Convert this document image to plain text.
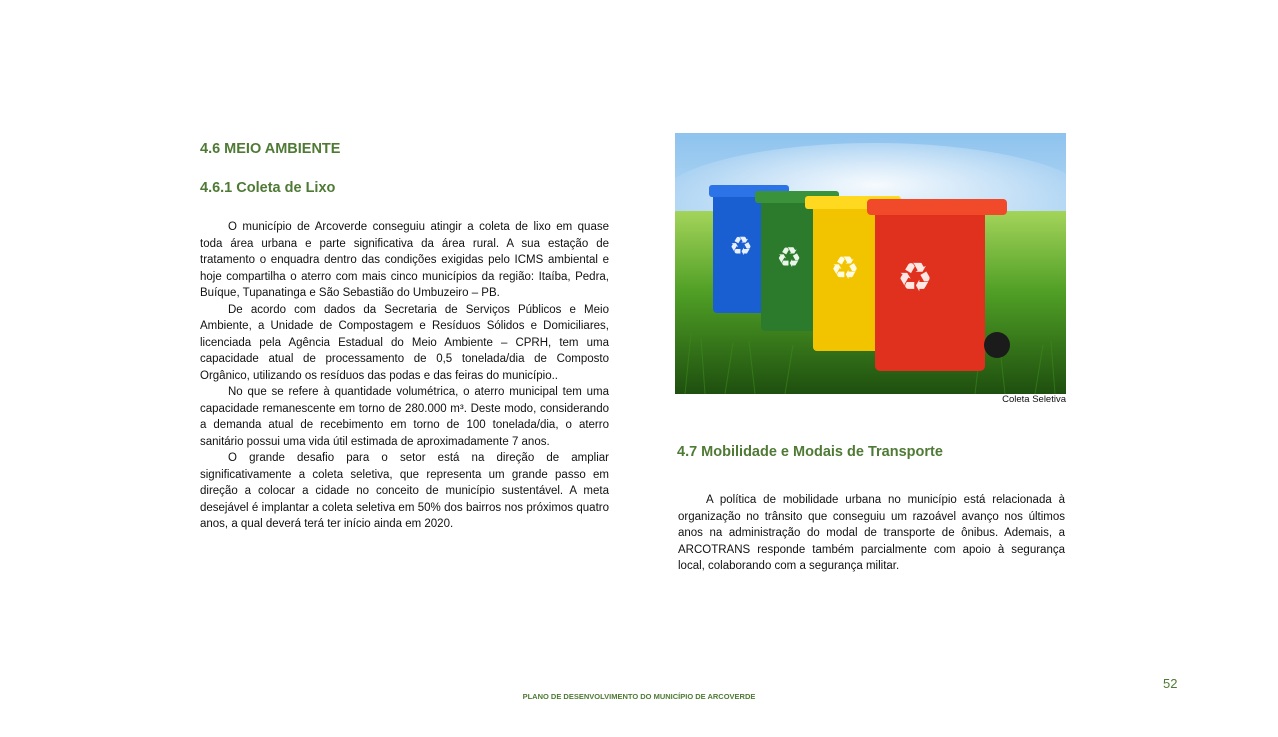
4.6 MEIO AMBIENTE
4.6.1 Coleta de Lixo

O município de Arcoverde conseguiu atingir a coleta de lixo em quase toda área urbana e parte significativa da área rural. A sua estação de tratamento o enquadra dentro das condições exigidas pelo ICMS ambiental e hoje compartilha o aterro com mais cinco municípios da região: Itaíba, Pedra, Buíque, Tupanatinga e São Sebastião do Umbuzeiro – PB.

De acordo com dados da Secretaria de Serviços Públicos e Meio Ambiente, a Unidade de Compostagem e Resíduos Sólidos e Domiciliares, licenciada pela Agência Estadual do Meio Ambiente – CPRH, tem uma capacidade atual de processamento de 0,5 tonelada/dia de Composto Orgânico, utilizando os resíduos das podas e das feiras do município..

No que se refere à quantidade volumétrica, o aterro municipal tem uma capacidade remanescente em torno de 280.000 m³. Deste modo, considerando a demanda atual de recebimento em torno de 100 tonelada/dia, o aterro sanitário possui uma vida útil estimada de aproximadamente 7 anos.

O grande desafio para o setor está na direção de ampliar significativamente a coleta seletiva, que representa um grande passo em direção a colocar a cidade no conceito de município sustentável. A meta desejável é implantar a coleta seletiva em 50% dos bairros nos próximos quatro anos, a qual deverá terá ter início ainda em 2020.

♻ ♻ ♻ ♻
Coleta Seletiva
4.7 Mobilidade e Modais de Transporte

A política de mobilidade urbana no município está relacionada à organização no trânsito que conseguiu um razoável avanço nos últimos anos na administração do modal de transporte de ônibus. Ademais, a ARCOTRANS responde também parcialmente com apoio à segurança local, colaborando com a segurança militar.

52
PLANO DE DESENVOLVIMENTO DO MUNICÍPIO DE ARCOVERDE
